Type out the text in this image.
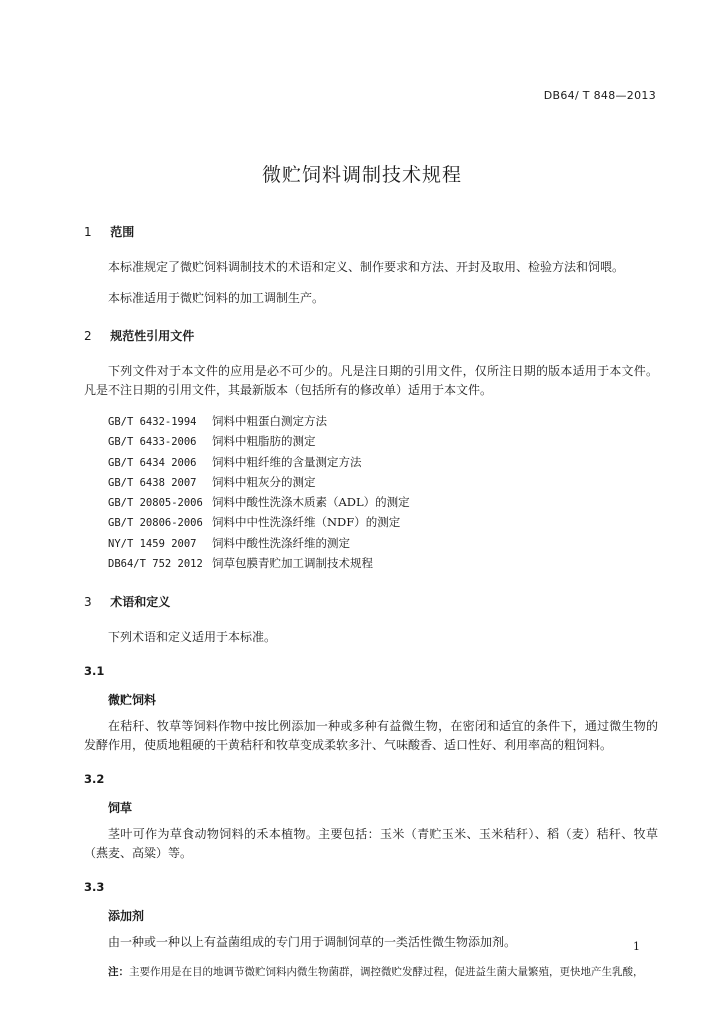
DB64/ T 848—2013
微贮饲料调制技术规程
1 范围

本标准规定了微贮饲料调制技术的术语和定义、制作要求和方法、开封及取用、检验方法和饲喂。

本标准适用于微贮饲料的加工调制生产。

2 规范性引用文件

下列文件对于本文件的应用是必不可少的。凡是注日期的引用文件，仅所注日期的版本适用于本文件。凡是不注日期的引用文件，其最新版本（包括所有的修改单）适用于本文件。

GB/T 6432-1994 饲料中粗蛋白测定方法
GB/T 6433-2006 饲料中粗脂肪的测定
GB/T 6434 2006 饲料中粗纤维的含量测定方法
GB/T 6438 2007 饲料中粗灰分的测定
GB/T 20805-2006 饲料中酸性洗涤木质素（ADL）的测定
GB/T 20806-2006 饲料中中性洗涤纤维（NDF）的测定
NY/T 1459 2007 饲料中酸性洗涤纤维的测定
DB64/T 752 2012 饲草包膜青贮加工调制技术规程
3 术语和定义

下列术语和定义适用于本标准。

3.1
微贮饲料

在秸秆、牧草等饲料作物中按比例添加一种或多种有益微生物，在密闭和适宜的条件下，通过微生物的发酵作用，使质地粗硬的干黄秸秆和牧草变成柔软多汁、气味酸香、适口性好、利用率高的粗饲料。

3.2
饲草

茎叶可作为草食动物饲料的禾本植物。主要包括：玉米（青贮玉米、玉米秸秆）、稻（麦）秸秆、牧草（燕麦、高粱）等。

3.3
添加剂

由一种或一种以上有益菌组成的专门用于调制饲草的一类活性微生物添加剂。

注：主要作用是在目的地调节微贮饲料内微生物菌群，调控微贮发酵过程，促进益生菌大量繁殖，更快地产生乳酸，
1
